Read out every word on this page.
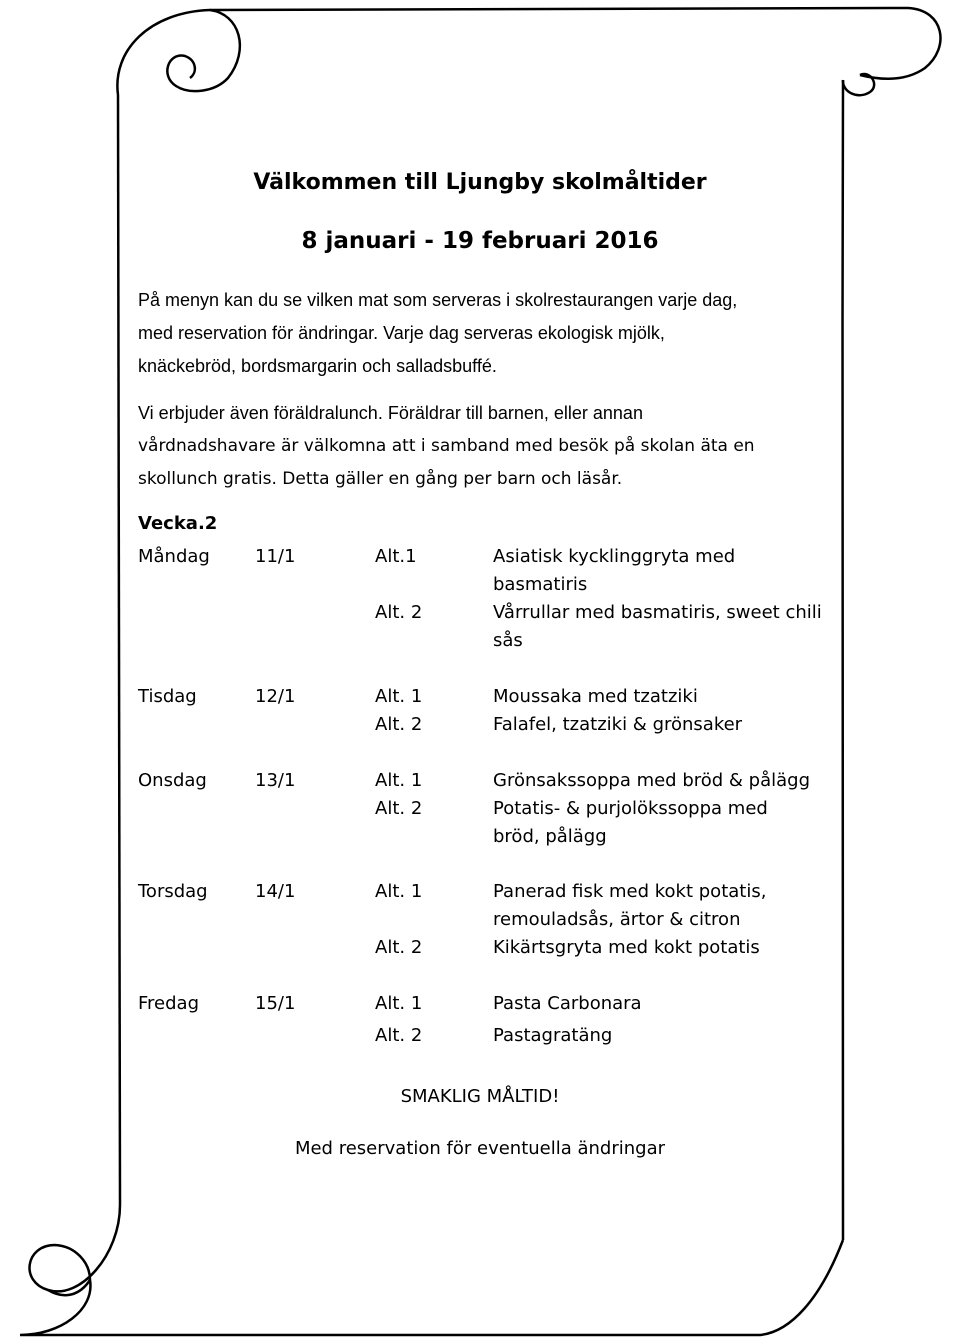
Välkommen till Ljungby skolmåltider
8 januari - 19 februari 2016
På menyn kan du se vilken mat som serveras i skolrestaurangen varje dag,
med reservation för ändringar. Varje dag serveras ekologisk mjölk,
knäckebröd, bordsmargarin och salladsbuffé.
Vi erbjuder även föräldralunch. Föräldrar till barnen, eller annan
vårdnadshavare är välkomna att i samband med besök på skolan äta en
skollunch gratis. Detta gäller en gång per barn och läsår.
Vecka.2
Måndag	11/1	Alt.1	Asiatisk kycklinggryta med basmatiris
Alt. 2	Vårrullar med basmatiris, sweet chili sås
Tisdag	12/1	Alt. 1	Moussaka med tzatziki
Alt. 2	Falafel, tzatziki & grönsaker
Onsdag	13/1	Alt. 1	Grönsakssoppa med bröd & pålägg
Alt. 2	Potatis- & purjolökssoppa med bröd, pålägg
Torsdag	14/1	Alt. 1	Panerad fisk med kokt potatis, remouladsås, ärtor & citron
Alt. 2	Kikärtsgryta med kokt potatis
Fredag	15/1	Alt. 1	Pasta Carbonara
Alt. 2	Pastagratäng
SMAKLIG MÅLTID!
Med reservation för eventuella ändringar
